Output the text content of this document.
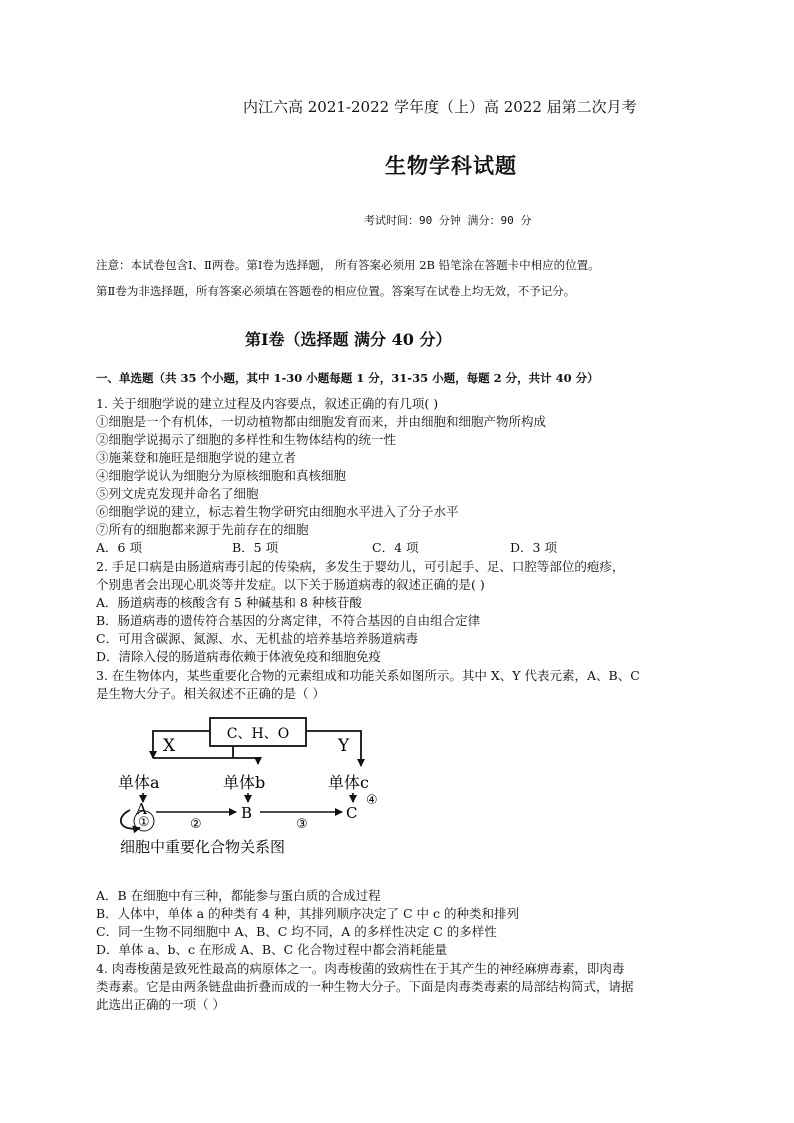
内江六高 2021-2022 学年度（上）高 2022 届第二次月考
生物学科试题
考试时间：90 分钟 满分：90 分
注意：本试卷包含Ⅰ、Ⅱ两卷。第Ⅰ卷为选择题， 所有答案必须用 2B 铅笔涂在答题卡中相应的位置。
第Ⅱ卷为非选择题，所有答案必须填在答题卷的相应位置。答案写在试卷上均无效，不予记分。
第Ⅰ卷（选择题 满分 40 分）
一、单选题（共 35 个小题，其中 1-30 小题每题 1 分，31-35 小题，每题 2 分，共计 40 分）
1. 关于细胞学说的建立过程及内容要点，叙述正确的有几项( )
①细胞是一个有机体，一切动植物都由细胞发育而来，并由细胞和细胞产物所构成
②细胞学说揭示了细胞的多样性和生物体结构的统一性
③施莱登和施旺是细胞学说的建立者
④细胞学说认为细胞分为原核细胞和真核细胞
⑤列文虎克发现并命名了细胞
⑥细胞学说的建立，标志着生物学研究由细胞水平进入了分子水平
⑦所有的细胞都来源于先前存在的细胞
A．6 项	B．5 项	C．4 项	D．3 项
2. 手足口病是由肠道病毒引起的传染病，多发生于婴幼儿，可引起手、足、口腔等部位的疱疹，
个别患者会出现心肌炎等并发症。以下关于肠道病毒的叙述正确的是( )
A．肠道病毒的核酸含有 5 种碱基和 8 种核苷酸
B．肠道病毒的遗传符合基因的分离定律，不符合基因的自由组合定律
C．可用含碳源、氮源、水、无机盐的培养基培养肠道病毒
D．清除入侵的肠道病毒依赖于体液免疫和细胞免疫
3. 在生物体内，某些重要化合物的元素组成和功能关系如图所示。其中 X、Y 代表元素，A、B、C
是生物大分子。相关叙述不正确的是（ ）
C、H、O
X	Y
单体a	单体b	单体c
A	B	C
①	②	③
④
细胞中重要化合物关系图
A．B 在细胞中有三种，都能参与蛋白质的合成过程
B．人体中，单体 a 的种类有 4 种，其排列顺序决定了 C 中 c 的种类和排列
C．同一生物不同细胞中 A、B、C 均不同，A 的多样性决定 C 的多样性
D．单体 a、b、c 在形成 A、B、C 化合物过程中都会消耗能量
4. 肉毒梭菌是致死性最高的病原体之一。肉毒梭菌的致病性在于其产生的神经麻痹毒素，即肉毒
类毒素。它是由两条链盘曲折叠而成的一种生物大分子。下面是肉毒类毒素的局部结构简式，请据
此选出正确的一项（ ）
